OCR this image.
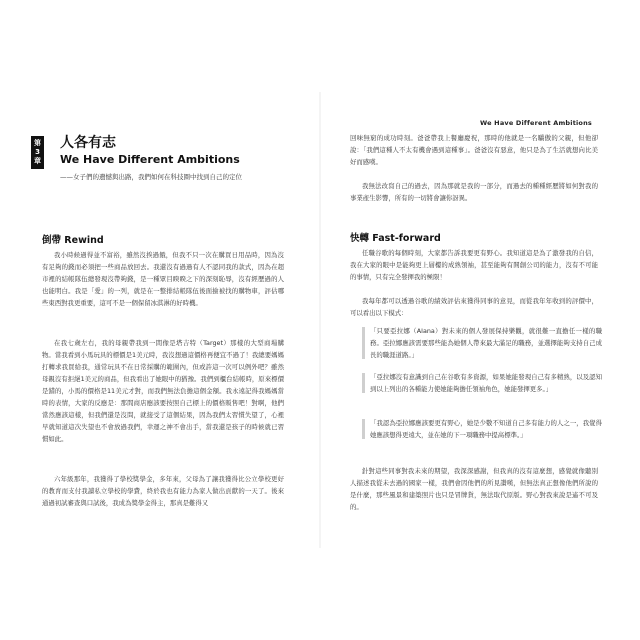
第
3
章
人各有志
We Have Different Ambitions
——女子們的遺憾與出路，我們如何在科技圈中找到自己的定位
倒帶 Rewind

我小時候過得並不富裕，雖然沒挨過餓，但我不只一次在購買日用品時，因為沒有足夠的錢而必須把一些商品放回去。我還沒有過過有人不認同我的款式，因為在超市裡的結帳隊伍總發現沒帶夠錢，是一種眾目睽睽之下的深刻恥辱，沒有經歷過的人也能明白。我是「愛」的一列，就是在一整排結帳隊伍後面撿被找的購物車，評估哪些東西對我更重要，這可不是一個保留冰淇淋的好時機。

在我七歲左右，我的母親帶我到一間像是塔吉特（Target）那樣的大型商場購物。當我看到小馬玩具的標價是1美元時，我沒想過這價格再便宜不過了！我總要媽媽打轉求我買給我，通常玩具不在日常採購的範圍內，但或許這一次可以例外吧？雖然母親沒有拒絕1美元的商品，但我看出了她眼中的猶豫。我們到櫃台結帳時，原來標價是錯的，小馬的價格是11美元才對，而我們無法負擔這個金額。我永遠記得我媽媽當時的表情，大家的反應是：那間商店應該要按照自己標上的價格販售吧！對啊，他們當然應該這樣，但我們還是沒問，就接受了這個結果，因為我們太習慣失望了，心裡早就知道這次失望也不會放過我們，幸運之神不會出手，當我還是孩子的時候就已習慣如此。

六年級那年，我獲得了學校獎學金，多年來，父母為了讓我獲得比公立學校更好的教育而支付我讀私立學校的學費，終於我也有能力為家人做出貢獻的一天了。後來通過初試審查與口試後，我成為獎學金得主，那真是難得又

We Have Different Ambitions

回味無窮的成功時刻。爸爸帶我上餐廳慶祝，那時的他就是一名驕傲的父親，但他卻說：「我們這種人不太有機會遇到這種事」。爸爸沒有惡意，他只是為了生活就想向比美好而感嘆。

我無法改寫自己的過去，因為那就是我的一部分，而過去的種種經歷將如何對我的事業產生影響，所有的一切將會讓你訝異。

快轉 Fast-forward

任職谷歌的每個時刻，大家都告訴我要更有野心。我知道這是為了激發我的自信，我在大家的眼中是能夠更上層樓的成熟領袖，甚至能夠有開創公司的能力，沒有不可能的事情，只有完全發揮我的極限！

我每年都可以透過谷歌的績效評估來獲得同事的意見，而從我年年收到的評價中，可以看出以下模式：

「只要亞拉娜（Alana）對未來的個人發展保持樂觀，就很難一直擔任一樣的職務。亞拉娜應該需要那些能為她個人帶來最大滿足的職務，並選擇能夠支持自己成長的職涯道路。」

「亞拉娜沒有意識到自己在谷歌有多資源，如果她能發現自己有多精熟，以及認知到以上列出的各種能力使她能夠擔任領袖角色，她能發揮更多。」

「我認為亞拉娜應該要更有野心，她是少數不知道自己多有能力的人之一，我覺得她應該想得更遠大，並在她的下一項職務中提高標準。」

針對這些同事對我未來的期望，我深深感謝，但我真的沒有這麼想，感覺就像聽別人描述我從未去過的國家一樣，我們會因他們的所見讚嘆，但無法真正想像他們所說的是什麼，那些風景和建築照片也只是冒牌貨，無法取代原版。野心對我來說是遙不可及的。
